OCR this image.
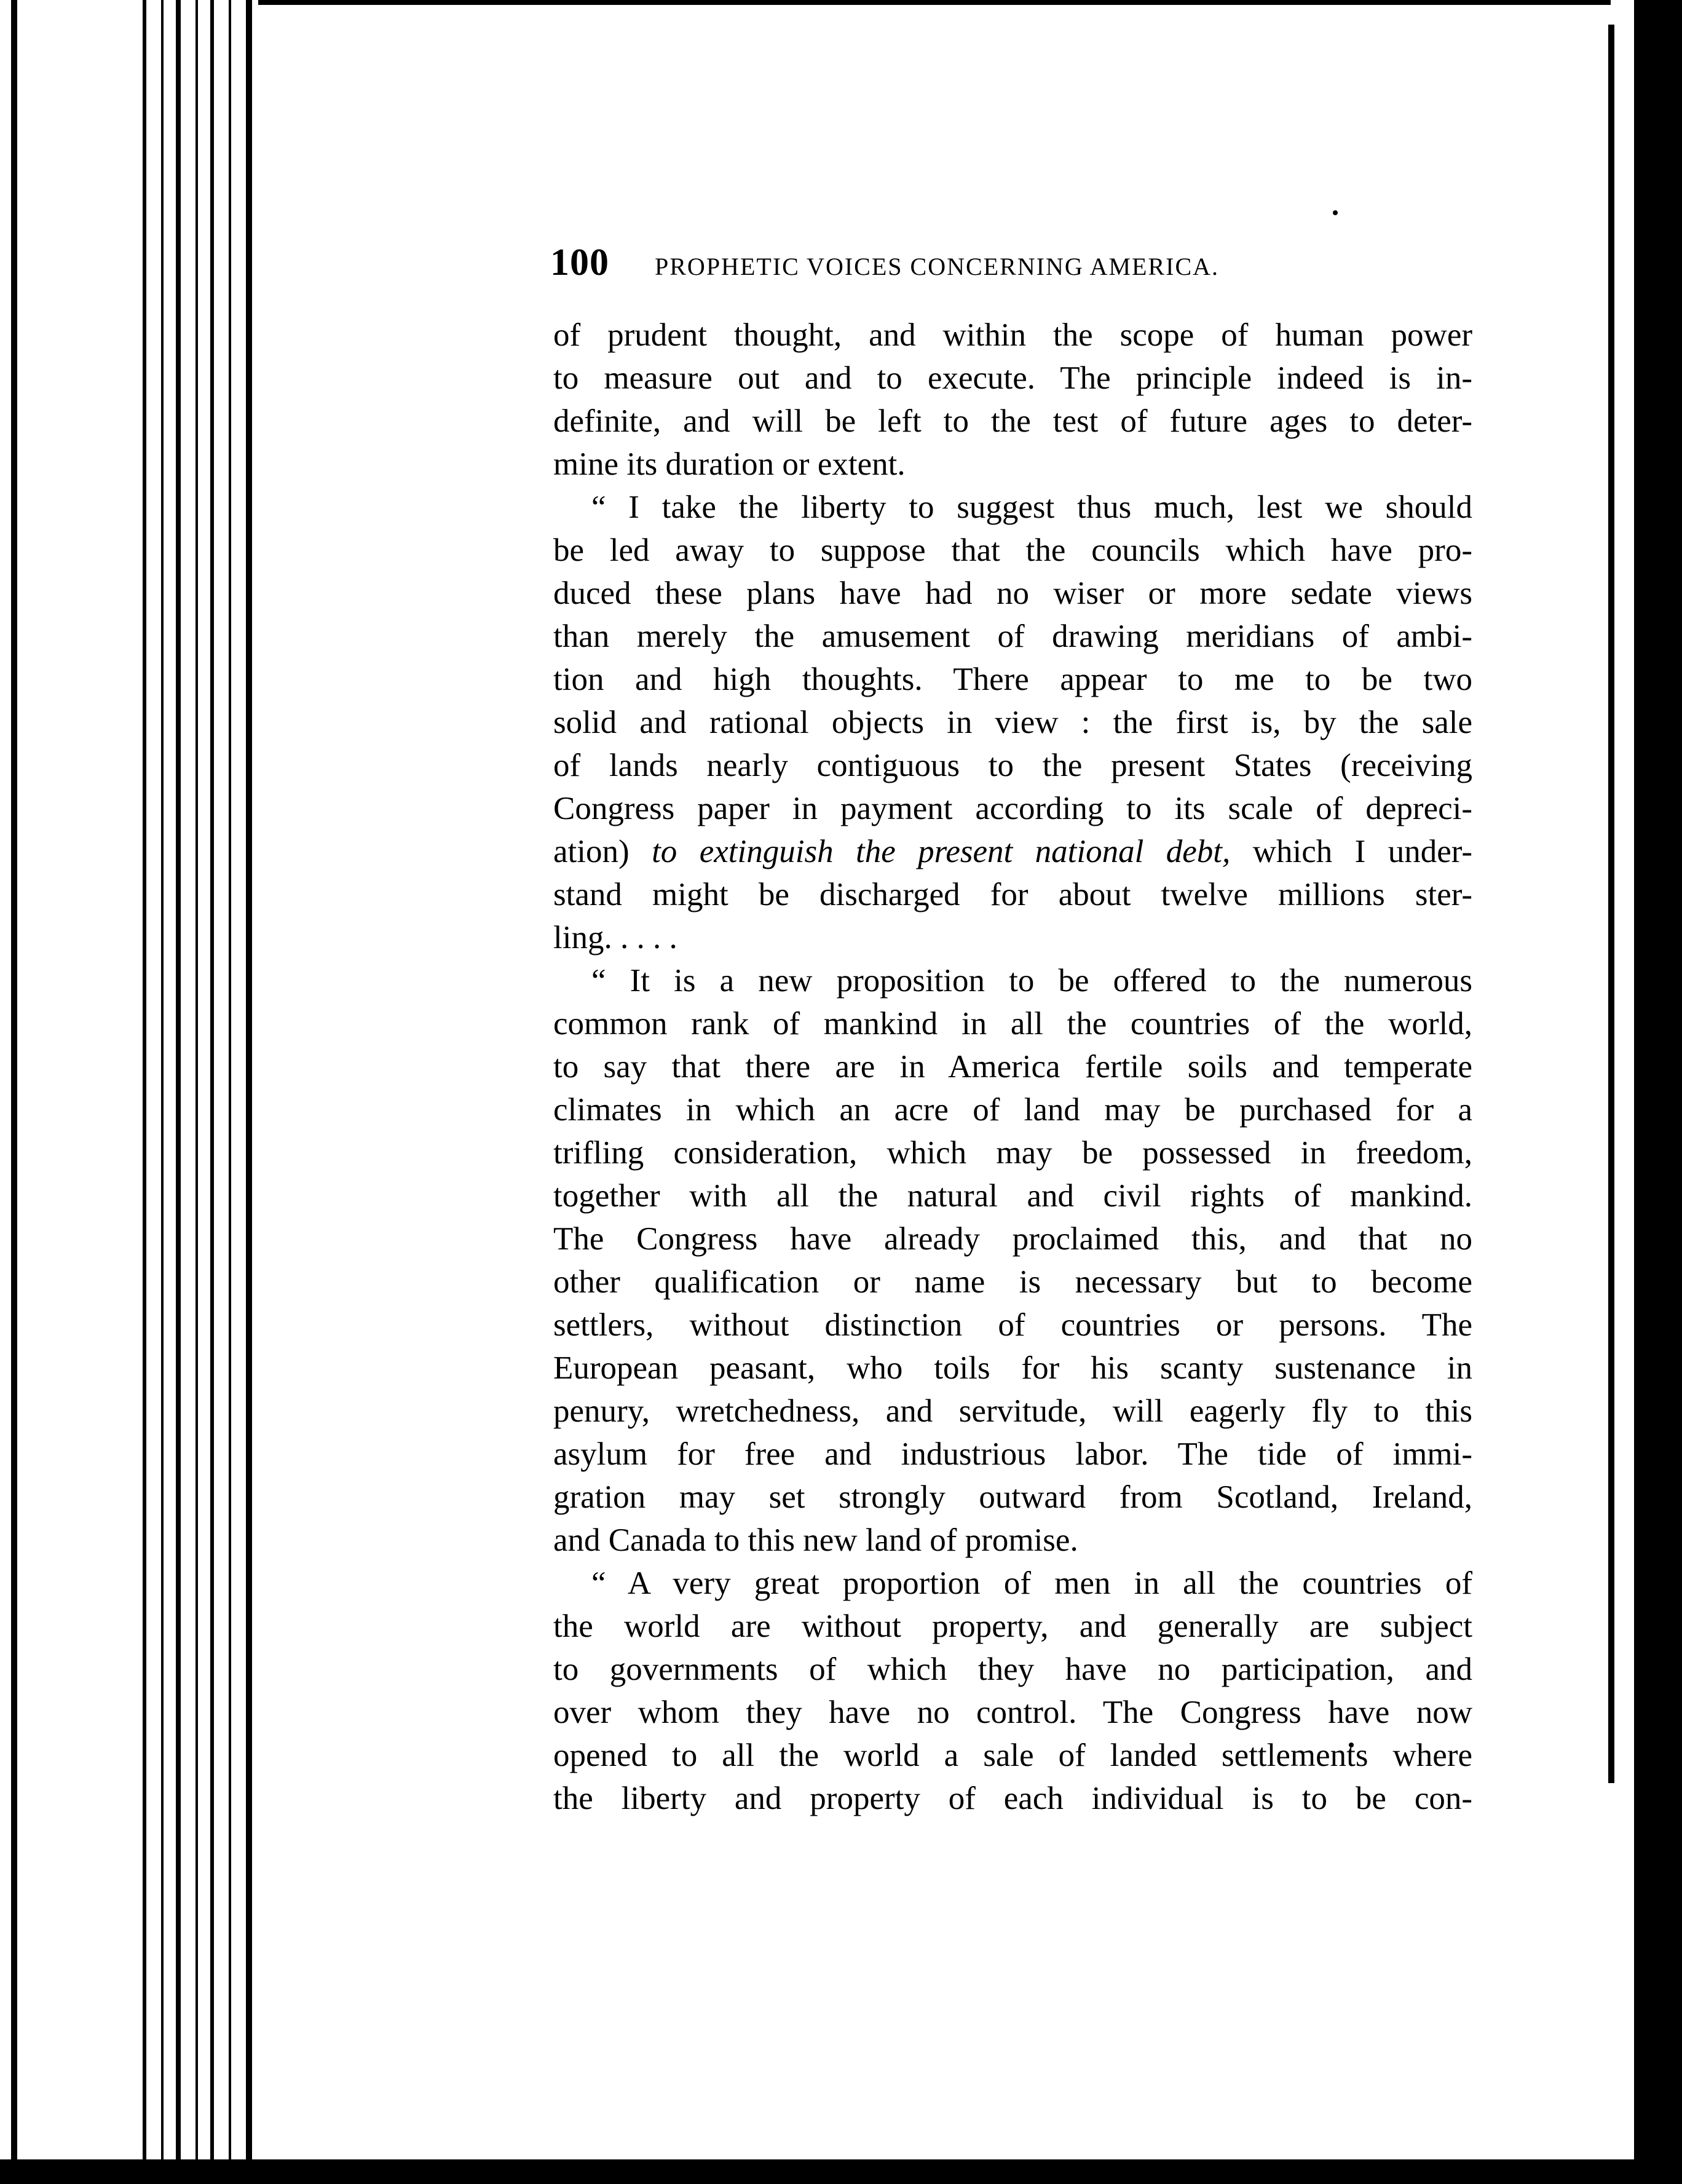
100 PROPHETIC VOICES CONCERNING AMERICA.
of prudent thought, and within the scope of human power
to measure out and to execute. The principle indeed is in-
definite, and will be left to the test of future ages to deter-
mine its duration or extent.
“ I take the liberty to suggest thus much, lest we should
be led away to suppose that the councils which have pro-
duced these plans have had no wiser or more sedate views
than merely the amusement of drawing meridians of ambi-
tion and high thoughts. There appear to me to be two
solid and rational objects in view : the first is, by the sale
of lands nearly contiguous to the present States (receiving
Congress paper in payment according to its scale of depreci-
ation) to extinguish the present national debt, which I under-
stand might be discharged for about twelve millions ster-
ling. . . . .
“ It is a new proposition to be offered to the numerous
common rank of mankind in all the countries of the world,
to say that there are in America fertile soils and temperate
climates in which an acre of land may be purchased for a
trifling consideration, which may be possessed in freedom,
together with all the natural and civil rights of mankind.
The Congress have already proclaimed this, and that no
other qualification or name is necessary but to become
settlers, without distinction of countries or persons. The
European peasant, who toils for his scanty sustenance in
penury, wretchedness, and servitude, will eagerly fly to this
asylum for free and industrious labor. The tide of immi-
gration may set strongly outward from Scotland, Ireland,
and Canada to this new land of promise.
“ A very great proportion of men in all the countries of
the world are without property, and generally are subject
to governments of which they have no participation, and
over whom they have no control. The Congress have now
opened to all the world a sale of landed settlements where
the liberty and property of each individual is to be con-
